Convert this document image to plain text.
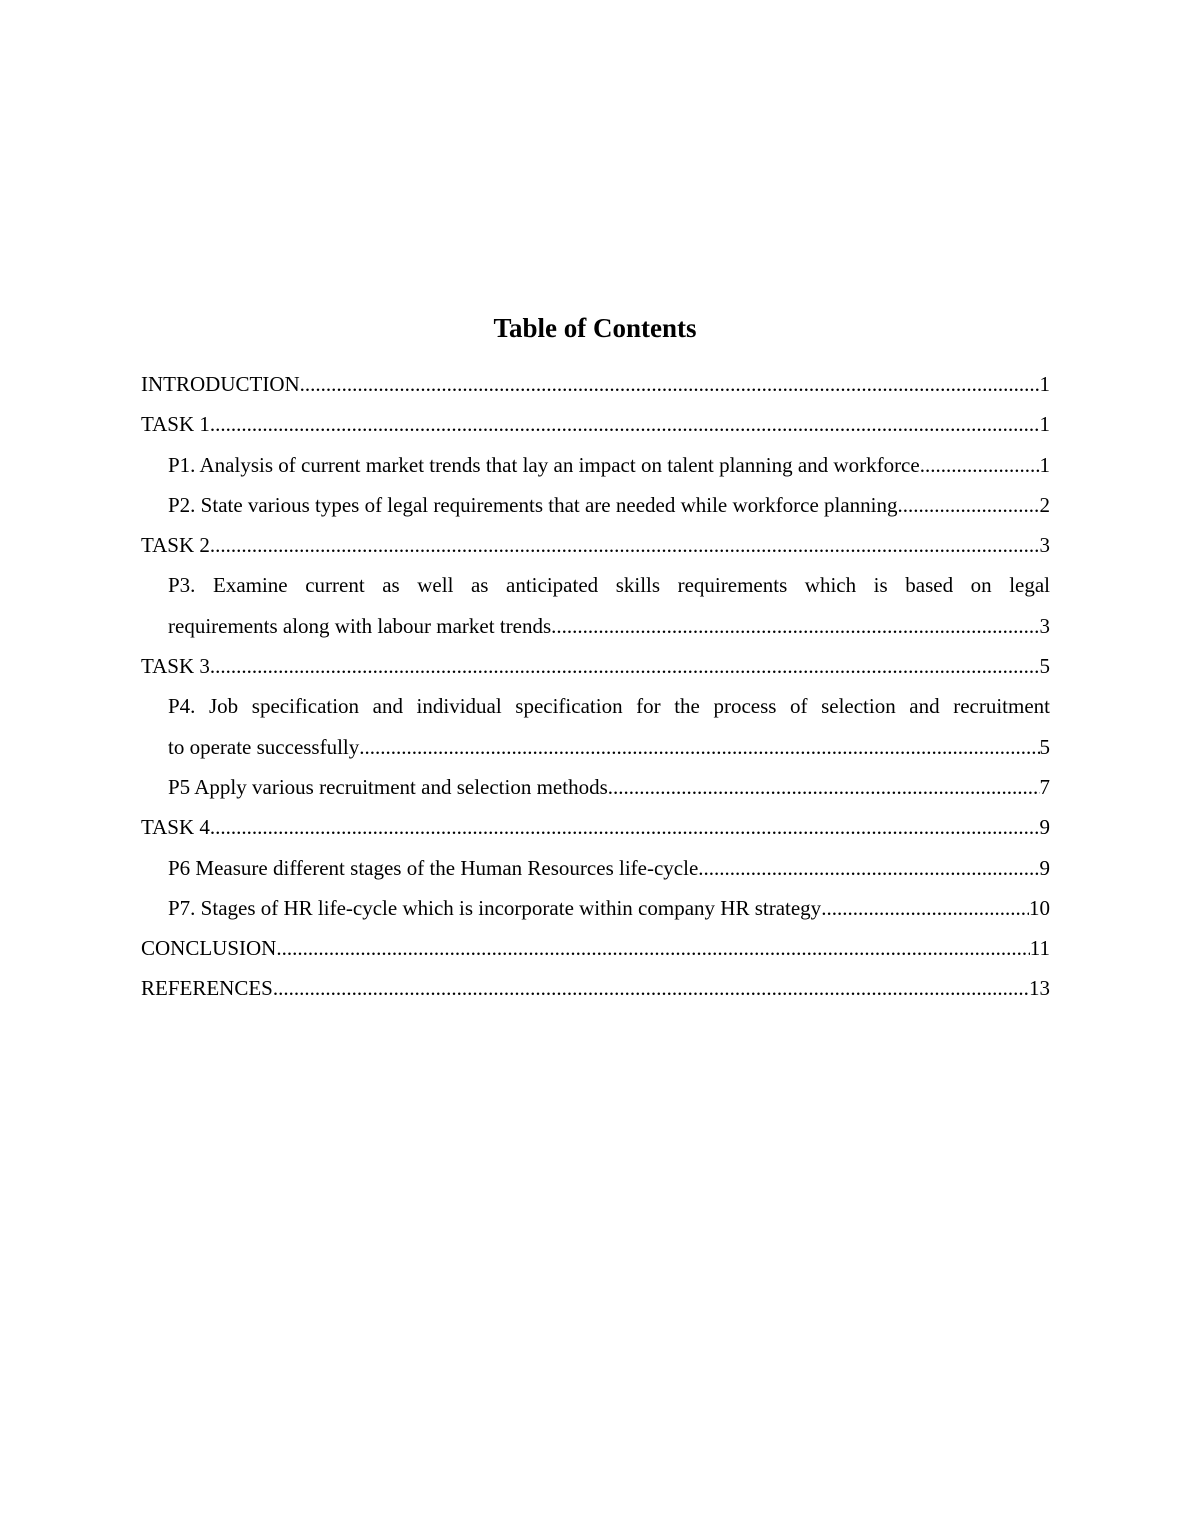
Table of Contents
INTRODUCTION .....	1
TASK 1 .....	1
P1. Analysis of current market trends that lay an impact on talent planning and workforce. .....	1
P2. State various types of legal requirements that are needed while workforce planning .....	2
TASK 2 .....	3
P3. Examine current as well as anticipated skills requirements which is based on legal
requirements along with labour market trends. .....	3
TASK 3 .....	5
P4. Job specification and individual specification for the process of selection and recruitment
to operate successfully .....	5
P5 Apply various recruitment and selection methods. .....	7
TASK 4 .....	9
P6 Measure different stages of the Human Resources life-cycle .....	9
P7. Stages of HR life-cycle which is incorporate within company HR strategy .....	10
CONCLUSION .....	11
REFERENCES .....	13
